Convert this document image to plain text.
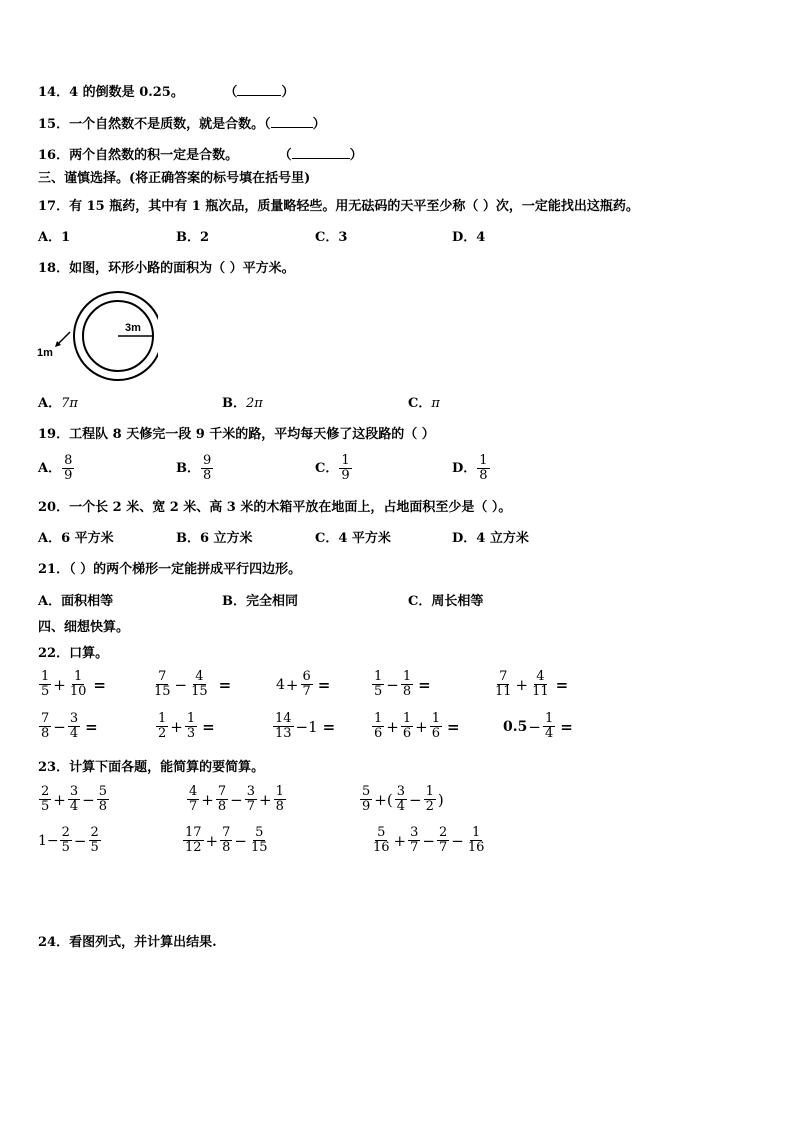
14．4 的倒数是 0.25。	（	）
15．一个自然数不是质数，就是合数。（	）
16．两个自然数的积一定是合数。	（	）
三、谨慎选择。(将正确答案的标号填在括号里)
17．有 15 瓶药，其中有 1 瓶次品，质量略轻些。用无砝码的天平至少称（ ）次，一定能找出这瓶药。
A．1	B．2	C．3	D．4
18．如图，环形小路的面积为（ ）平方米。
3m
1m
A．7π	B．2π	C．π
19．工程队 8 天修完一段 9 千米的路，平均每天修了这段路的（ ）
A． $\frac{8}{9}$	B． $\frac{9}{8}$	C． $\frac{1}{9}$	D． $\frac{1}{8}$
20．一个长 2 米、宽 2 米、高 3 米的木箱平放在地面上，占地面积至少是（ ）。
A．6 平方米	B．6 立方米	C．4 平方米	D．4 立方米
21．（ ）的两个梯形一定能拼成平行四边形。
A．面积相等	B．完全相同	C．周长相等
四、细想快算。
22．口算。
$\frac{1}{5} + \frac{1}{10}$ =	$\frac{7}{15} - \frac{4}{15}$ =	$4 + \frac{6}{7}$ =	$\frac{1}{5} - \frac{1}{8}$ =	$\frac{7}{11} + \frac{4}{11}$ =
$\frac{7}{8} - \frac{3}{4}$ =	$\frac{1}{2} + \frac{1}{3}$ =	$\frac{14}{13} -1$ =	$\frac{1}{6} + \frac{1}{6} + \frac{1}{6}$ =	$0.5 - \frac{1}{4}$ =
23．计算下面各题，能简算的要简算。
$\frac{2}{5} + \frac{3}{4} - \frac{5}{8}$	$\frac{4}{7} + \frac{7}{8} - \frac{3}{7} + \frac{1}{8}$	$\frac{5}{9}$ +( $\frac{3}{4} - \frac{1}{2}$ )
$1- \frac{2}{5} - \frac{2}{5}$	$\frac{17}{12} + \frac{7}{8} - \frac{5}{15}$	$\frac{5}{16} + \frac{3}{7} - \frac{2}{7} - \frac{1}{16}$
24．看图列式，并计算出结果.
